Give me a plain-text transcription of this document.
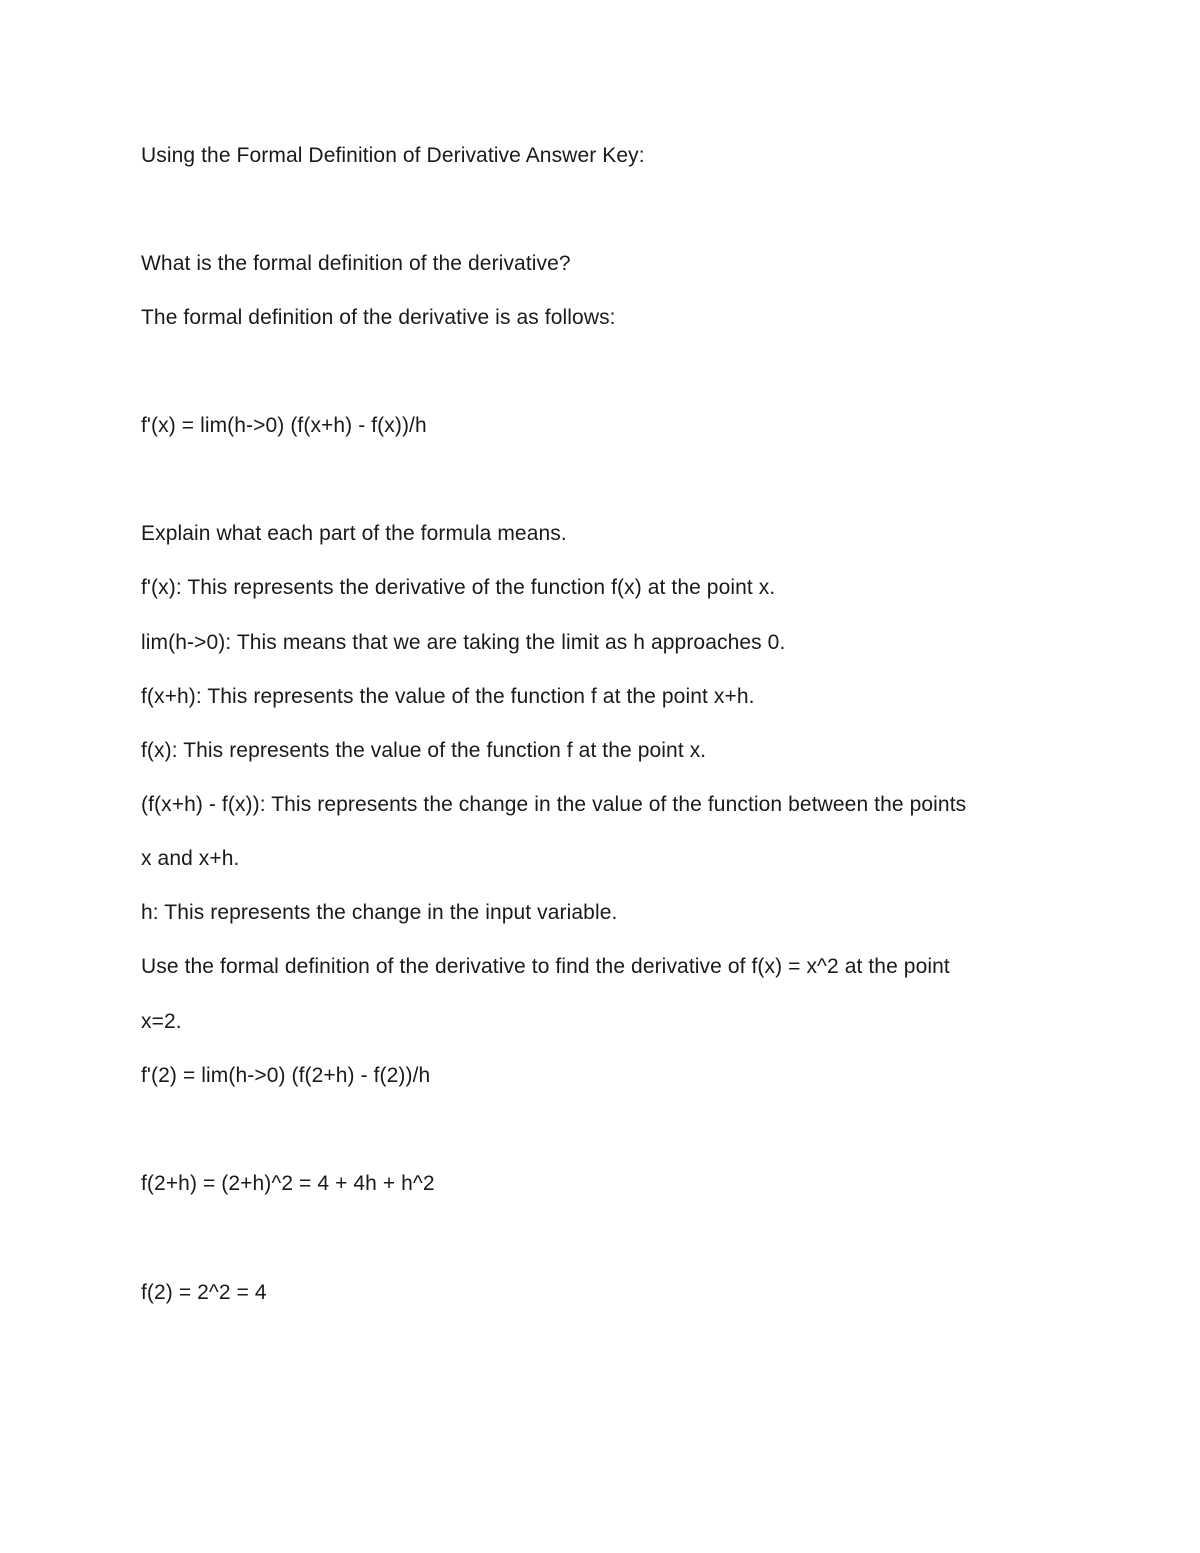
Using the Formal Definition of Derivative Answer Key:
What is the formal definition of the derivative?
The formal definition of the derivative is as follows:
f'(x) = lim(h->0) (f(x+h) - f(x))/h
Explain what each part of the formula means.
f'(x): This represents the derivative of the function f(x) at the point x.
lim(h->0): This means that we are taking the limit as h approaches 0.
f(x+h): This represents the value of the function f at the point x+h.
f(x): This represents the value of the function f at the point x.
(f(x+h) - f(x)): This represents the change in the value of the function between the points
x and x+h.
h: This represents the change in the input variable.
Use the formal definition of the derivative to find the derivative of f(x) = x^2 at the point
x=2.
f'(2) = lim(h->0) (f(2+h) - f(2))/h
f(2+h) = (2+h)^2 = 4 + 4h + h^2
f(2) = 2^2 = 4
